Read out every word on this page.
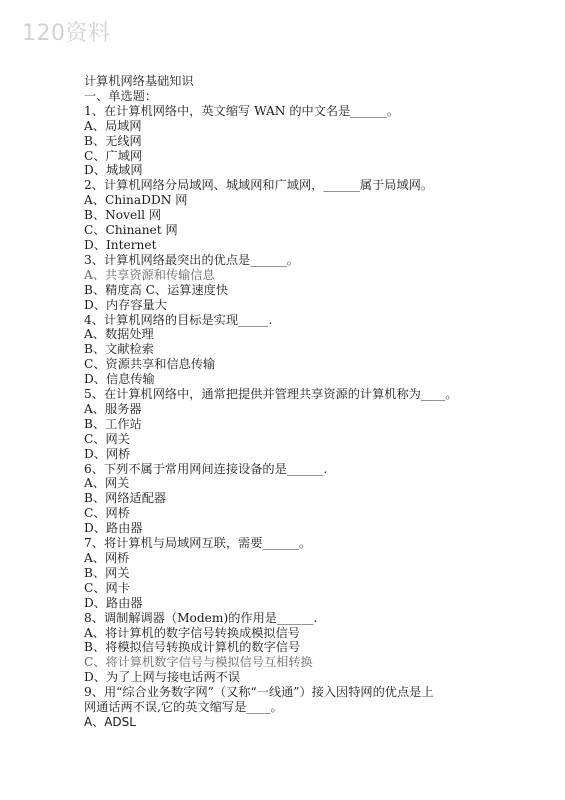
120资料
计算机网络基础知识
一、单选题：
1、在计算机网络中，英文缩写 WAN 的中文名是______。
A、局域网
B、无线网
C、广域网
D、城域网
2、计算机网络分局域网、城域网和广域网，______属于局域网。
A、ChinaDDN 网
B、Novell 网
C、Chinanet 网
D、Internet
3、计算机网络最突出的优点是______。
A、共享资源和传输信息
B、精度高 C、运算速度快
D、内存容量大
4、计算机网络的目标是实现_____.
A、数据处理
B、文献检索
C、资源共享和信息传输
D、信息传输
5、在计算机网络中，通常把提供并管理共享资源的计算机称为____。
A、服务器
B、工作站
C、网关
D、网桥
6、下列不属于常用网间连接设备的是______.
A、网关
B、网络适配器
C、网桥
D、路由器
7、将计算机与局域网互联，需要______。
A、网桥
B、网关
C、网卡
D、路由器
8、调制解调器（Modem)的作用是______.
A、将计算机的数字信号转换成模拟信号
B、将模拟信号转换成计算机的数字信号
C、将计算机数字信号与模拟信号互相转换
D、为了上网与接电话两不误
9、用“综合业务数字网”（又称“一线通”）接入因特网的优点是上
网通话两不误,它的英文缩写是____。
A、ADSL
